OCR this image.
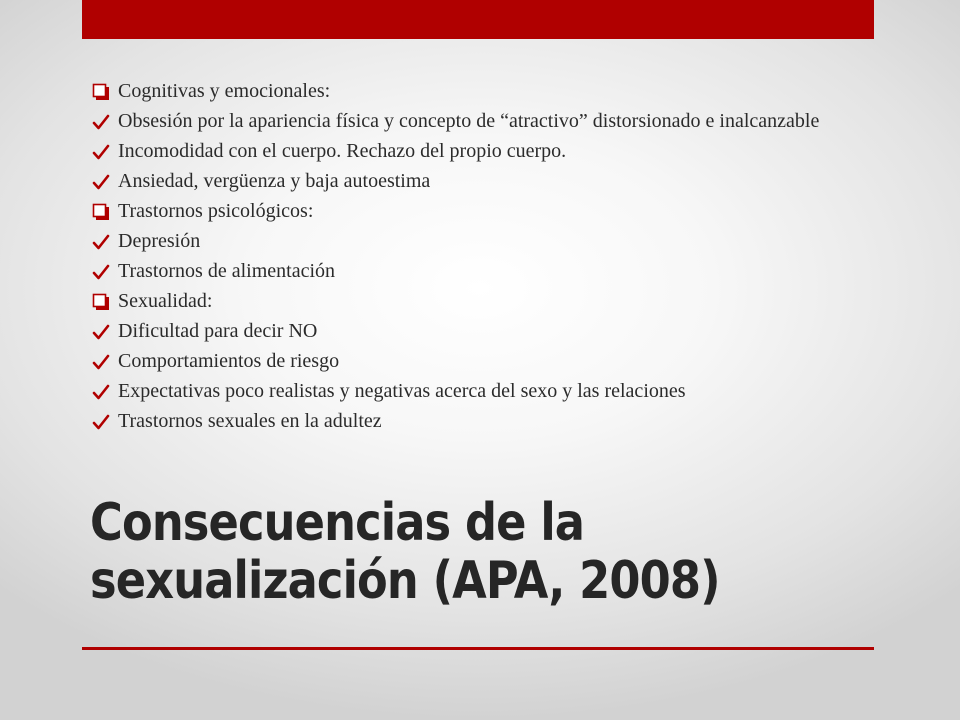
Cognitivas y emocionales:
Obsesión por la apariencia física y concepto de “atractivo” distorsionado e inalcanzable
Incomodidad con el cuerpo. Rechazo del propio cuerpo.
Ansiedad, vergüenza y baja autoestima
Trastornos psicológicos:
Depresión
Trastornos de alimentación
Sexualidad:
Dificultad para decir NO
Comportamientos de riesgo
Expectativas poco realistas y negativas acerca del sexo y las relaciones
Trastornos sexuales en la adultez
Consecuencias de la
sexualización (APA, 2008)
